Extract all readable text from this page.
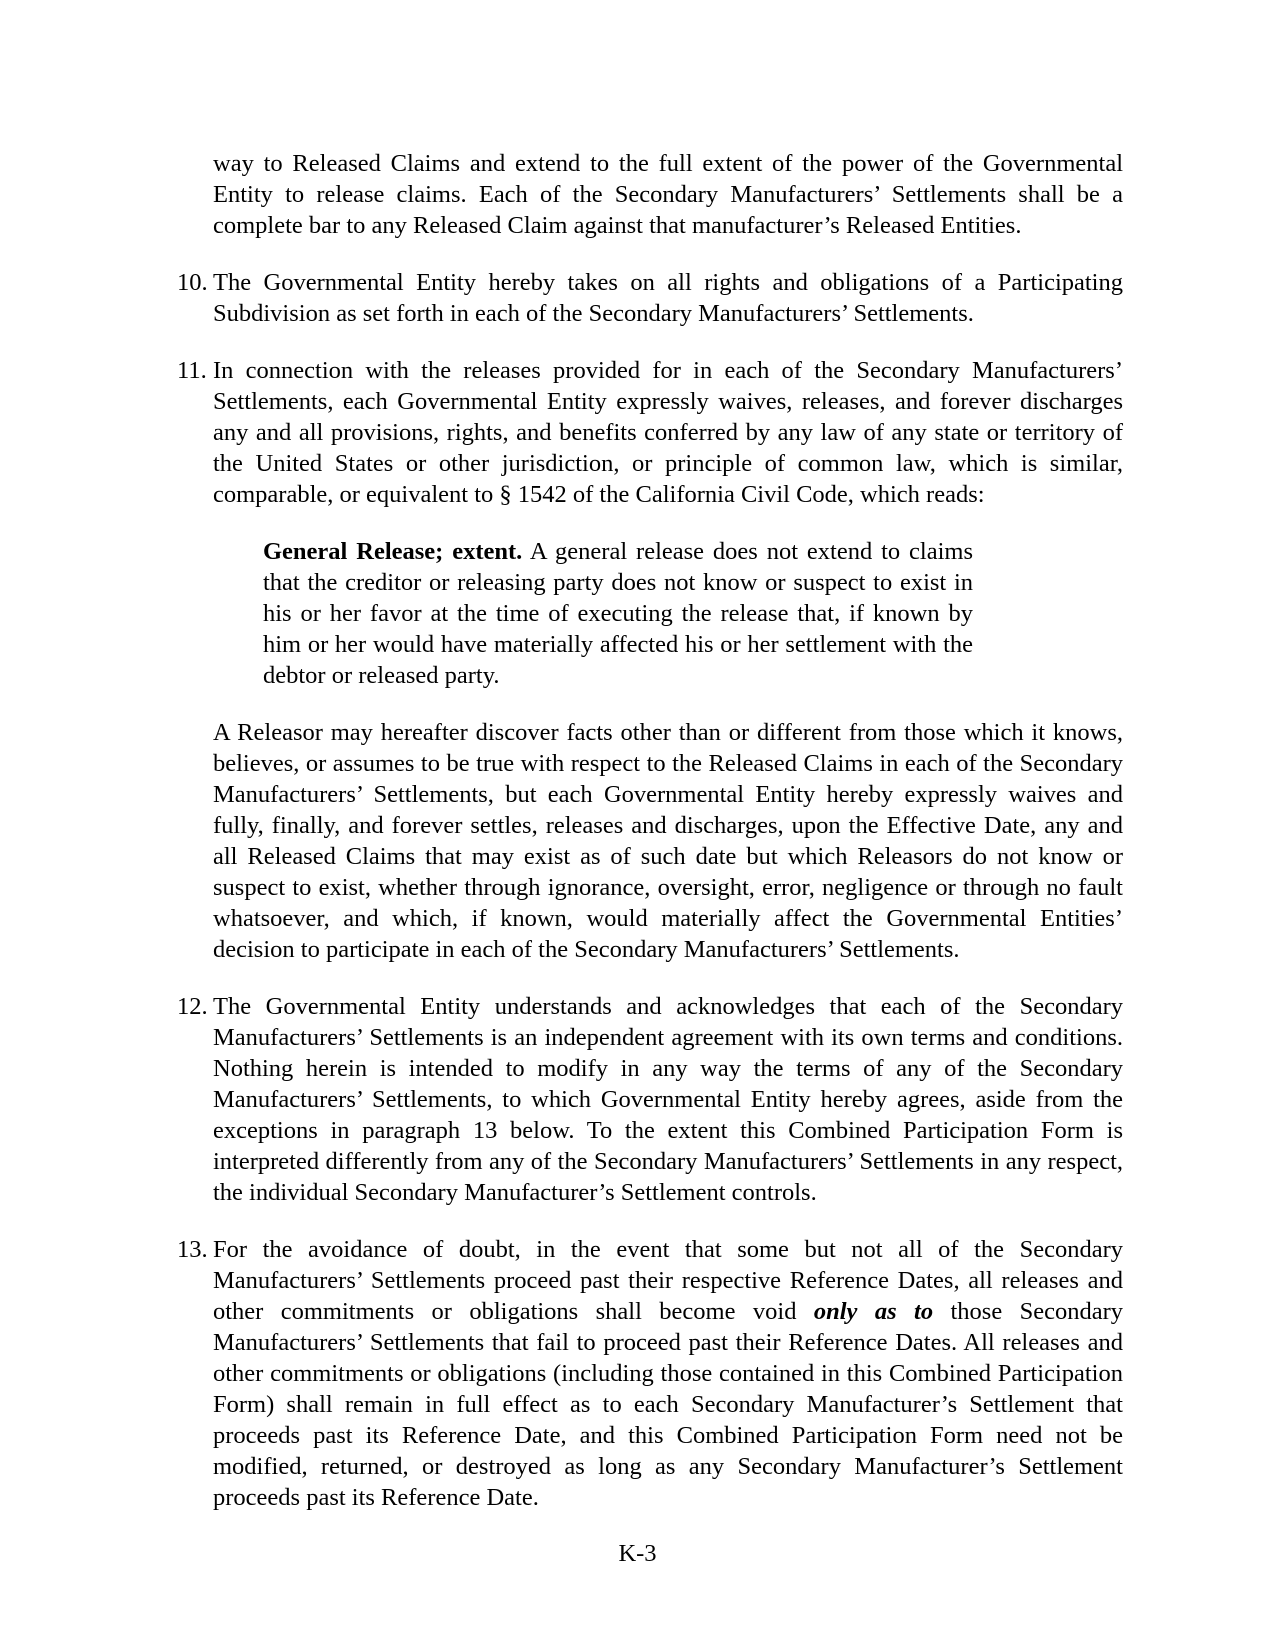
way to Released Claims and extend to the full extent of the power of the Governmental Entity to release claims. Each of the Secondary Manufacturers’ Settlements shall be a complete bar to any Released Claim against that manufacturer’s Released Entities.

10. The Governmental Entity hereby takes on all rights and obligations of a Participating Subdivision as set forth in each of the Secondary Manufacturers’ Settlements.

11. In connection with the releases provided for in each of the Secondary Manufacturers’ Settlements, each Governmental Entity expressly waives, releases, and forever discharges any and all provisions, rights, and benefits conferred by any law of any state or territory of the United States or other jurisdiction, or principle of common law, which is similar, comparable, or equivalent to § 1542 of the California Civil Code, which reads:

General Release; extent. A general release does not extend to claims that the creditor or releasing party does not know or suspect to exist in his or her favor at the time of executing the release that, if known by him or her would have materially affected his or her settlement with the debtor or released party.

A Releasor may hereafter discover facts other than or different from those which it knows, believes, or assumes to be true with respect to the Released Claims in each of the Secondary Manufacturers’ Settlements, but each Governmental Entity hereby expressly waives and fully, finally, and forever settles, releases and discharges, upon the Effective Date, any and all Released Claims that may exist as of such date but which Releasors do not know or suspect to exist, whether through ignorance, oversight, error, negligence or through no fault whatsoever, and which, if known, would materially affect the Governmental Entities’ decision to participate in each of the Secondary Manufacturers’ Settlements.

12. The Governmental Entity understands and acknowledges that each of the Secondary Manufacturers’ Settlements is an independent agreement with its own terms and conditions. Nothing herein is intended to modify in any way the terms of any of the Secondary Manufacturers’ Settlements, to which Governmental Entity hereby agrees, aside from the exceptions in paragraph 13 below. To the extent this Combined Participation Form is interpreted differently from any of the Secondary Manufacturers’ Settlements in any respect, the individual Secondary Manufacturer’s Settlement controls.

13. For the avoidance of doubt, in the event that some but not all of the Secondary Manufacturers’ Settlements proceed past their respective Reference Dates, all releases and other commitments or obligations shall become void only as to those Secondary Manufacturers’ Settlements that fail to proceed past their Reference Dates. All releases and other commitments or obligations (including those contained in this Combined Participation Form) shall remain in full effect as to each Secondary Manufacturer’s Settlement that proceeds past its Reference Date, and this Combined Participation Form need not be modified, returned, or destroyed as long as any Secondary Manufacturer’s Settlement proceeds past its Reference Date.

K-3
